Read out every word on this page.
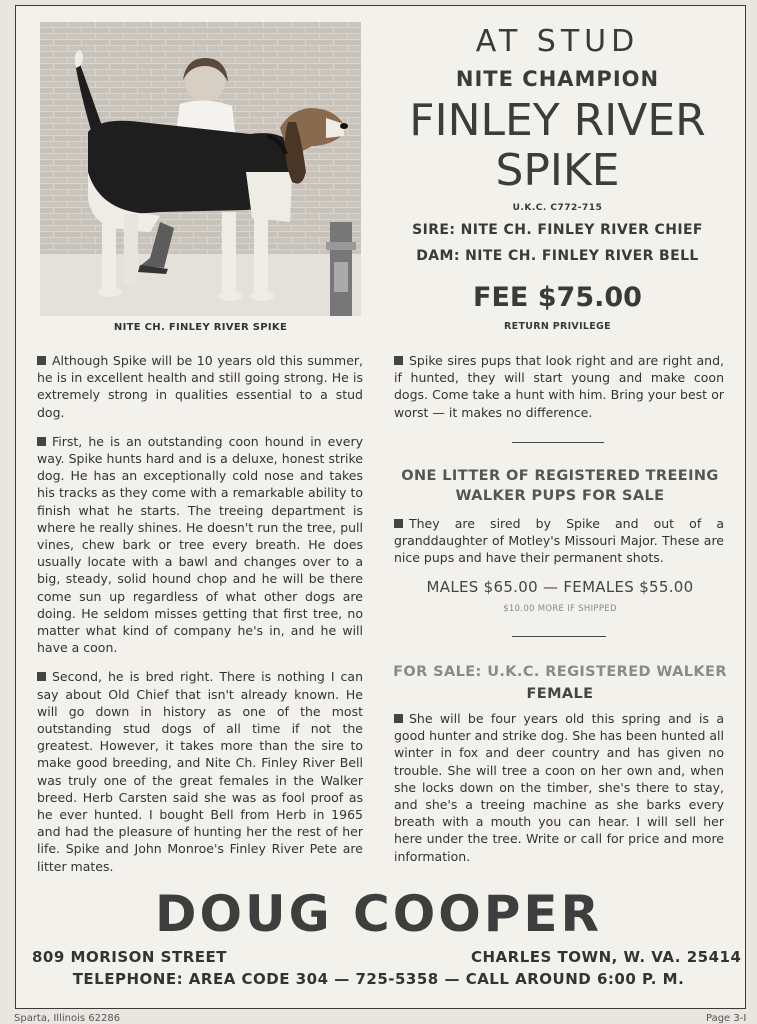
NITE CH. FINLEY RIVER SPIKE
AT STUD
NITE CHAMPION
FINLEY RIVER
SPIKE
U.K.C. C772-715
SIRE: NITE CH. FINLEY RIVER CHIEF
DAM: NITE CH. FINLEY RIVER BELL
FEE $75.00
RETURN PRIVILEGE

Although Spike will be 10 years old this summer, he is in excellent health and still going strong. He is extremely strong in qualities essential to a stud dog.

First, he is an outstanding coon hound in every way. Spike hunts hard and is a deluxe, honest strike dog. He has an exceptionally cold nose and takes his tracks as they come with a remarkable ability to finish what he starts. The treeing department is where he really shines. He doesn't run the tree, pull vines, chew bark or tree every breath. He does usually locate with a bawl and changes over to a big, steady, solid hound chop and he will be there come sun up regardless of what other dogs are doing. He seldom misses getting that first tree, no matter what kind of company he's in, and he will have a coon.

Second, he is bred right. There is nothing I can say about Old Chief that isn't already known. He will go down in history as one of the most outstanding stud dogs of all time if not the greatest. However, it takes more than the sire to make good breeding, and Nite Ch. Finley River Bell was truly one of the great females in the Walker breed. Herb Carsten said she was as fool proof as he ever hunted. I bought Bell from Herb in 1965 and had the pleasure of hunting her the rest of her life. Spike and John Monroe's Finley River Pete are litter mates.

Spike sires pups that look right and are right and, if hunted, they will start young and make coon dogs. Come take a hunt with him. Bring your best or worst — it makes no difference.

ONE LITTER OF REGISTERED TREEING
WALKER PUPS FOR SALE

They are sired by Spike and out of a granddaughter of Motley's Missouri Major. These are nice pups and have their permanent shots.

MALES $65.00 — FEMALES $55.00
$10.00 MORE IF SHIPPED
FOR SALE: U.K.C. REGISTERED WALKER
FEMALE

She will be four years old this spring and is a good hunter and strike dog. She has been hunted all winter in fox and deer country and has given no trouble. She will tree a coon on her own and, when she locks down on the timber, she's there to stay, and she's a treeing machine as she barks every breath with a mouth you can hear. I will sell her here under the tree. Write or call for price and more information.

DOUG COOPER
809 MORISON STREET	CHARLES TOWN, W. VA. 25414
TELEPHONE: AREA CODE 304 — 725-5358 — CALL AROUND 6:00 P. M.
Sparta, Illinois 62286	Page 3-I
